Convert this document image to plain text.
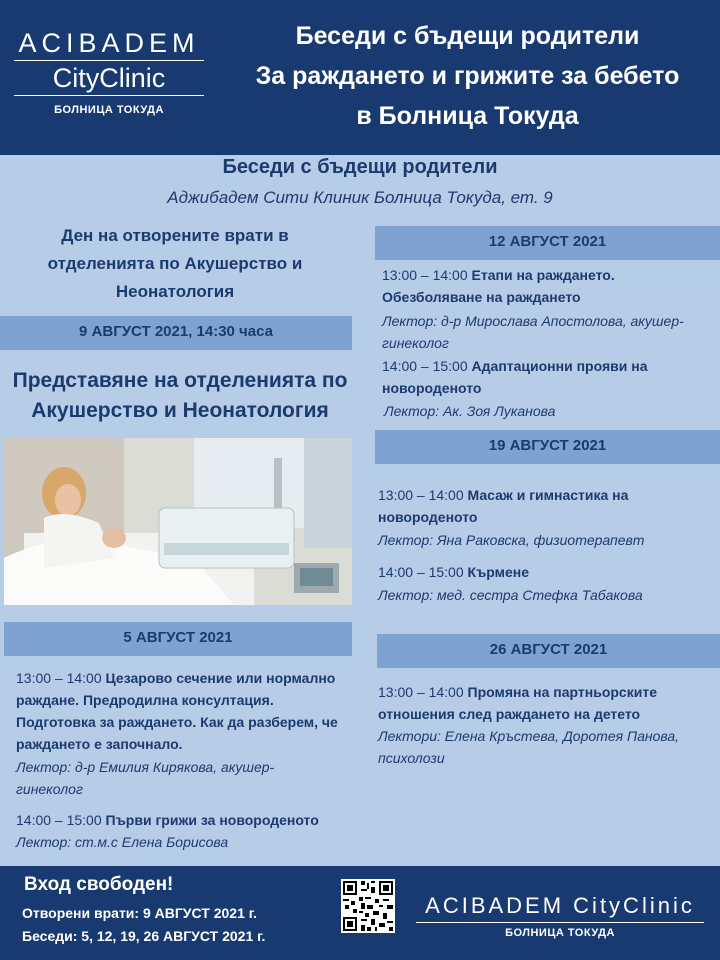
ACIBADEM
CityClinic
БОЛНИЦА ТОКУДА
Беседи с бъдещи родители
За раждането и грижите за бебето
в Болница Токуда
Беседи с бъдещи родители
Аджибадем Сити Клиник Болница Токуда, ет. 9
Ден на отворените врати в отделенията по Акушерство и Неонатология
9 АВГУСТ 2021, 14:30 часа
Представяне на отделенията по Акушерство и Неонатология
5 АВГУСТ 2021
13:00 – 14:00 Цезарово сечение или нормално раждане. Предродилна консултация. Подготовка за раждането. Как да разберем, че раждането е започнало.
Лектор: д-р Емилия Кирякова, акушер-гинеколог
14:00 – 15:00 Първи грижи за новороденото
Лектор: ст.м.с Елена Борисова
12 АВГУСТ 2021
13:00 – 14:00 Етапи на раждането. Обезболяване на раждането
Лектор: д-р Мирослава Апостолова, акушер-гинеколог
14:00 – 15:00 Адаптационни прояви на новороденото
Лектор: Ак. Зоя Луканова
19 АВГУСТ 2021
13:00 – 14:00 Масаж и гимнастика на новороденото
Лектор: Яна Раковска, физиотерапевт
14:00 – 15:00 Кърмене
Лектор: мед. сестра Стефка Табакова
26 АВГУСТ 2021
13:00 – 14:00 Промяна на партньорските отношения след раждането на детето
Лектори: Елена Кръстева, Доротея Панова, психолози
Вход свободен!
Отворени врати: 9 АВГУСТ 2021 г.
Беседи: 5, 12, 19, 26 АВГУСТ 2021 г.
ACIBADEM CityClinic
БОЛНИЦА ТОКУДА
